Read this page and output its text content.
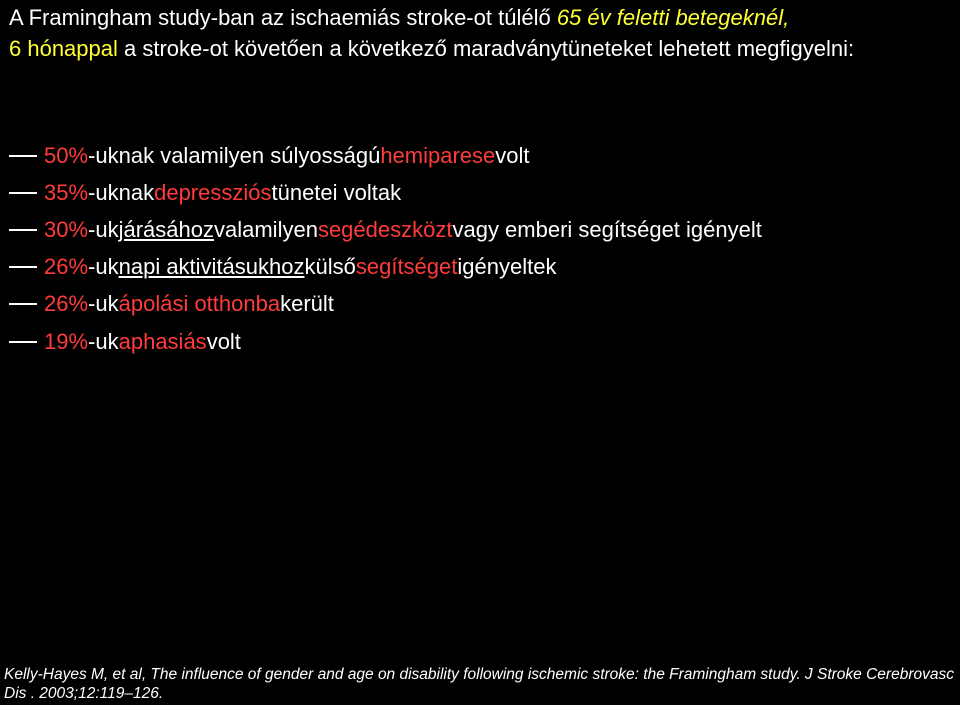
A Framingham study-ban az ischaemiás stroke-ot túlélő 65 év feletti betegeknél,
6 hónappal a stroke-ot követően a következő maradványtüneteket lehetett megfigyelni:

50% -uknak valamilyen súlyosságú hemiparese volt
35% -uknak depressziós tünetei voltak
30% -uk járásához valamilyen segédeszközt vagy emberi segítséget igényelt
26% -uk napi aktivitásukhoz külső segítséget igényeltek
26% -uk ápolási otthonba került
19% -uk aphasiás volt

Kelly-Hayes M, et al, The influence of gender and age on disability following ischemic stroke: the Framingham study. J Stroke Cerebrovasc Dis . 2003;12:119–126.
